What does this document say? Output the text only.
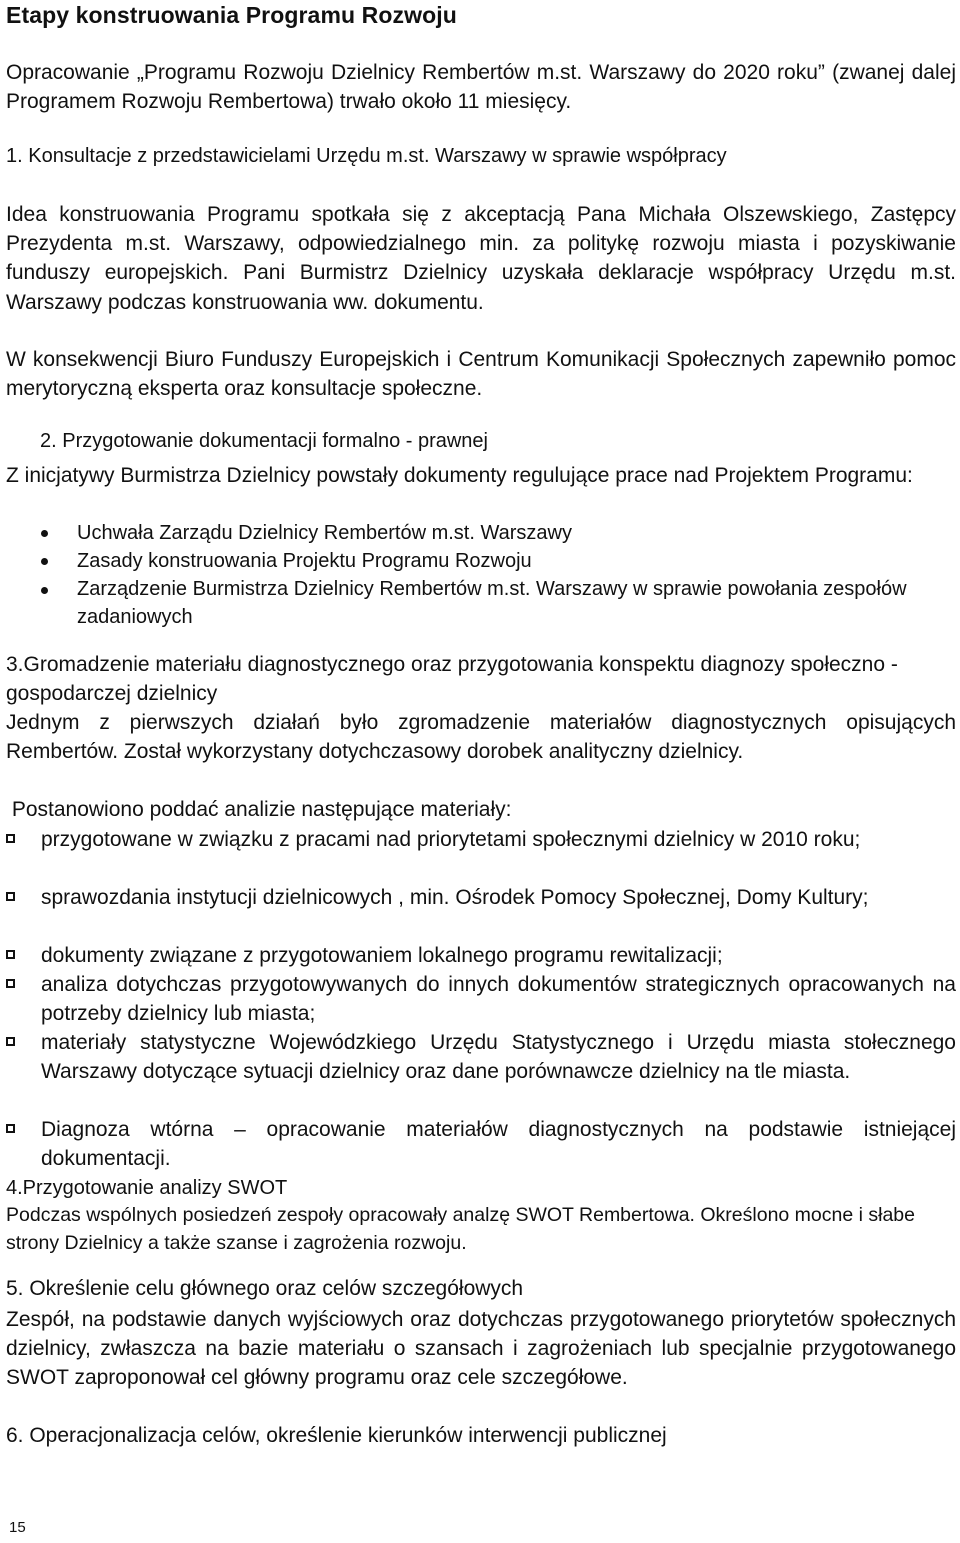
Etapy konstruowania Programu Rozwoju
Opracowanie „Programu Rozwoju Dzielnicy Rembertów m.st. Warszawy do 2020 roku” (zwanej dalej Programem Rozwoju Rembertowa) trwało około 11 miesięcy.
1. Konsultacje z przedstawicielami Urzędu m.st. Warszawy w sprawie współpracy
Idea konstruowania Programu spotkała się z akceptacją Pana Michała Olszewskiego, Zastępcy Prezydenta m.st. Warszawy, odpowiedzialnego min. za politykę rozwoju miasta i pozyskiwanie funduszy europejskich. Pani Burmistrz Dzielnicy uzyskała deklaracje współpracy Urzędu m.st. Warszawy podczas konstruowania ww. dokumentu.
W konsekwencji Biuro Funduszy Europejskich i Centrum Komunikacji Społecznych zapewniło pomoc merytoryczną eksperta oraz konsultacje społeczne.
2. Przygotowanie dokumentacji formalno - prawnej
Z inicjatywy Burmistrza Dzielnicy powstały dokumenty regulujące prace nad Projektem Programu:
Uchwała Zarządu Dzielnicy Rembertów m.st. Warszawy
Zasady konstruowania Projektu Programu Rozwoju
Zarządzenie Burmistrza Dzielnicy Rembertów m.st. Warszawy w sprawie powołania zespołów zadaniowych
3.Gromadzenie materiału diagnostycznego oraz przygotowania konspektu diagnozy społeczno -gospodarczej dzielnicy
Jednym z pierwszych działań było zgromadzenie materiałów diagnostycznych opisujących Rembertów. Został wykorzystany dotychczasowy dorobek analityczny dzielnicy.
Postanowiono poddać analizie następujące materiały:
przygotowane w związku z pracami nad priorytetami społecznymi dzielnicy w 2010 roku;
sprawozdania instytucji dzielnicowych , min. Ośrodek Pomocy Społecznej, Domy Kultury;
dokumenty związane z przygotowaniem lokalnego programu rewitalizacji;
analiza dotychczas przygotowywanych do innych dokumentów strategicznych opracowanych na potrzeby dzielnicy lub miasta;
materiały statystyczne Wojewódzkiego Urzędu Statystycznego i Urzędu miasta stołecznego Warszawy dotyczące sytuacji dzielnicy oraz dane porównawcze dzielnicy na tle miasta.
Diagnoza wtórna – opracowanie materiałów diagnostycznych na podstawie istniejącej dokumentacji.
4.Przygotowanie analizy SWOT
Podczas wspólnych posiedzeń zespoły opracowały analzę SWOT Rembertowa. Określono mocne i słabe strony Dzielnicy a także szanse i zagrożenia rozwoju.
5. Określenie celu głównego oraz celów szczegółowych
Zespół, na podstawie danych wyjściowych oraz dotychczas przygotowanego priorytetów społecznych dzielnicy, zwłaszcza na bazie materiału o szansach i zagrożeniach lub specjalnie przygotowanego SWOT zaproponował cel główny programu oraz cele szczegółowe.
6. Operacjonalizacja celów, określenie kierunków interwencji publicznej
15
